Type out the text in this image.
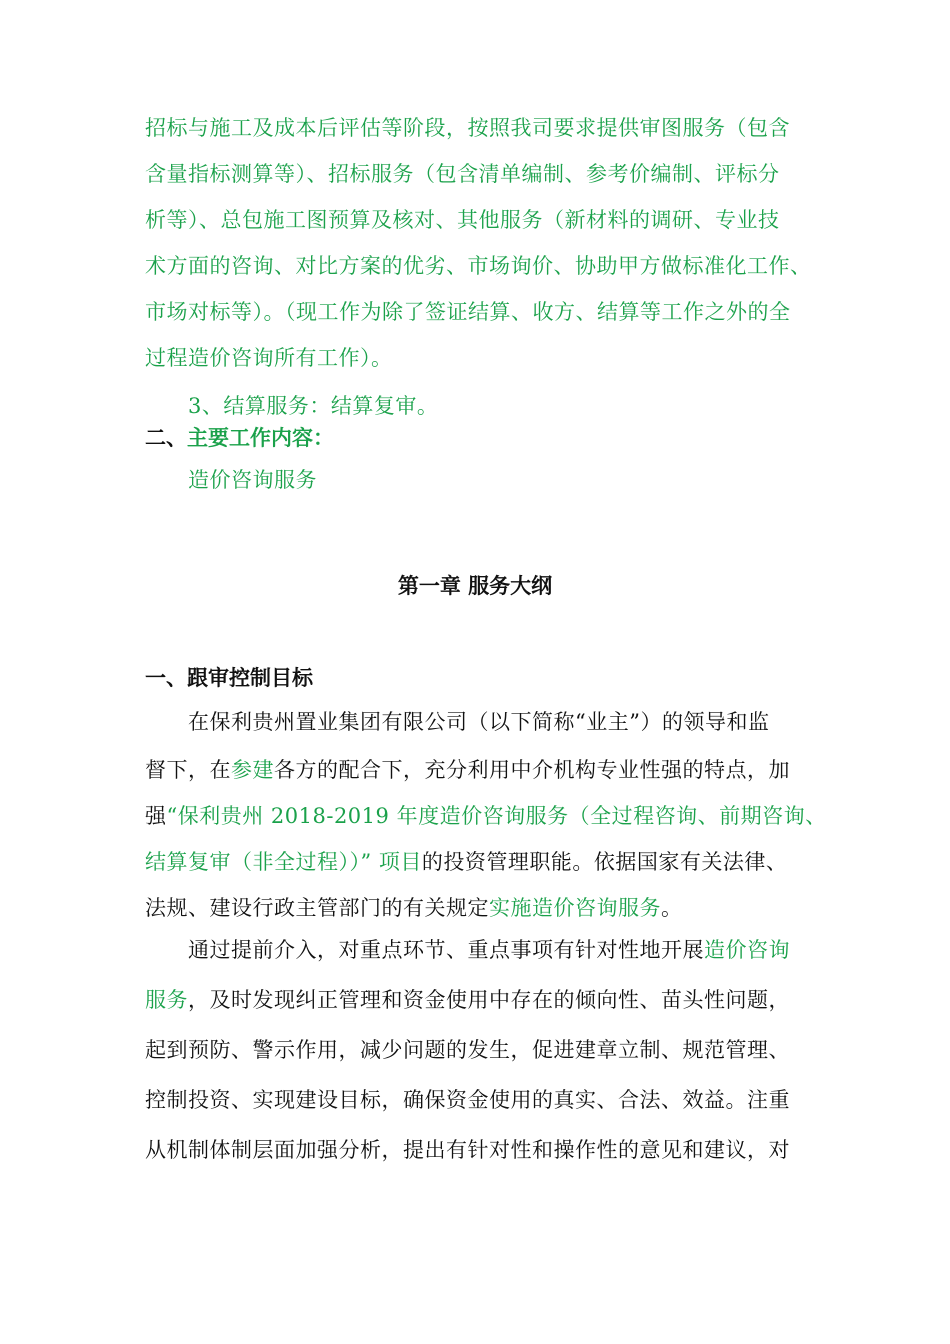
招标与施工及成本后评估等阶段，按照我司要求提供审图服务（包含
含量指标测算等）、招标服务（包含清单编制、参考价编制、评标分
析等）、总包施工图预算及核对、其他服务（新材料的调研、专业技
术方面的咨询、对比方案的优劣、市场询价、协助甲方做标准化工作、
市场对标等）。（现工作为除了签证结算、收方、结算等工作之外的全
过程造价咨询所有工作）。
3、结算服务：结算复审。
二、主要工作内容：
造价咨询服务
第一章 服务大纲
一、跟审控制目标
在保利贵州置业集团有限公司（以下简称“业主”）的领导和监
督下，在参建各方的配合下，充分利用中介机构专业性强的特点，加
强“保利贵州 2018-2019 年度造价咨询服务（全过程咨询、前期咨询、
结算复审（非全过程））” 项目的投资管理职能。依据国家有关法律、
法规、建设行政主管部门的有关规定实施造价咨询服务。
通过提前介入，对重点环节、重点事项有针对性地开展造价咨询
服务，及时发现纠正管理和资金使用中存在的倾向性、苗头性问题，
起到预防、警示作用，减少问题的发生，促进建章立制、规范管理、
控制投资、实现建设目标，确保资金使用的真实、合法、效益。注重
从机制体制层面加强分析，提出有针对性和操作性的意见和建议，对
